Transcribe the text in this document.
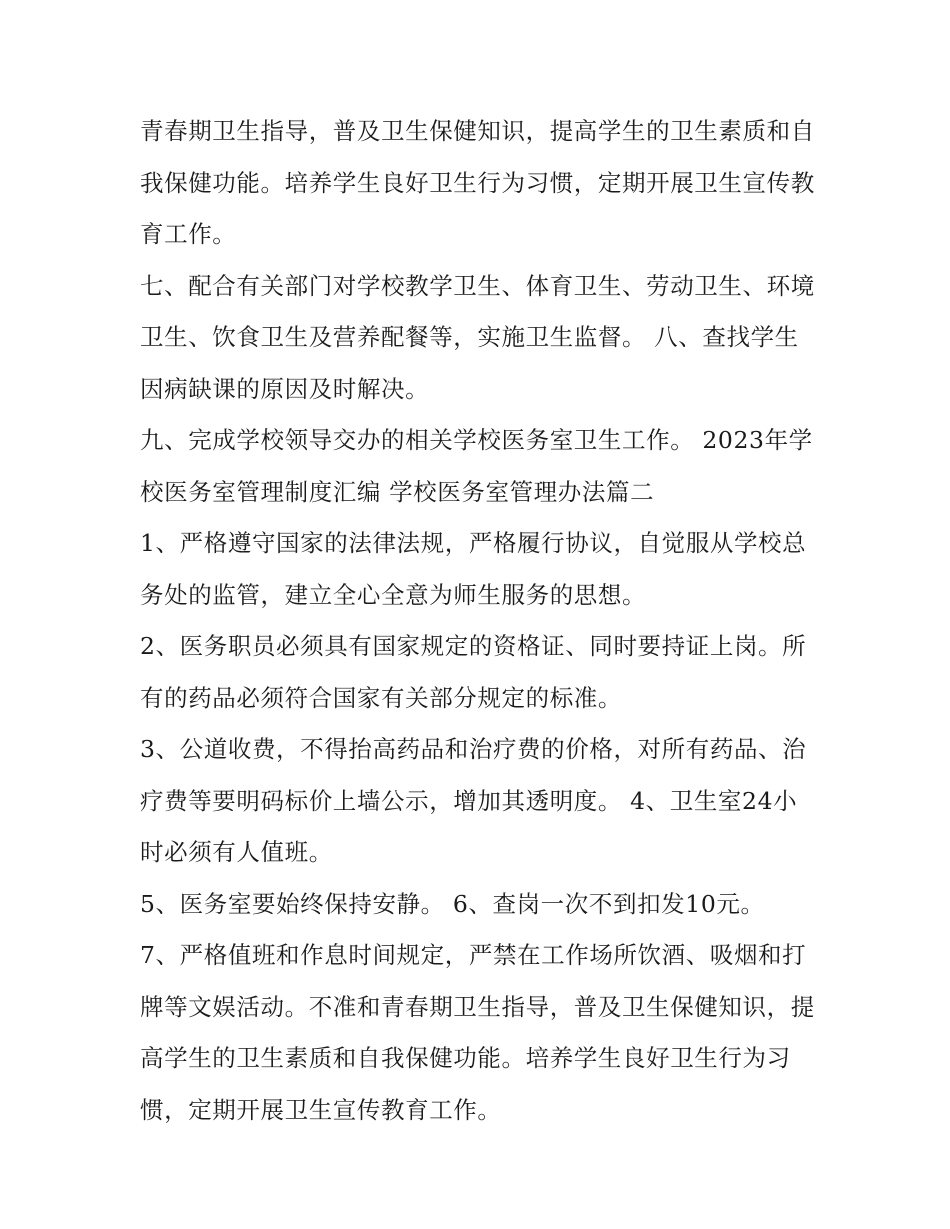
青春期卫生指导，普及卫生保健知识，提高学生的卫生素质和自我保健功能。培养学生良好卫生行为习惯，定期开展卫生宣传教育工作。

七、配合有关部门对学校教学卫生、体育卫生、劳动卫生、环境卫生、饮食卫生及营养配餐等，实施卫生监督。 八、查找学生因病缺课的原因及时解决。

九、完成学校领导交办的相关学校医务室卫生工作。 2023年学校医务室管理制度汇编 学校医务室管理办法篇二

1、严格遵守国家的法律法规，严格履行协议，自觉服从学校总务处的监管，建立全心全意为师生服务的思想。

2、医务职员必须具有国家规定的资格证、同时要持证上岗。所有的药品必须符合国家有关部分规定的标准。

3、公道收费，不得抬高药品和治疗费的价格，对所有药品、治疗费等要明码标价上墙公示，增加其透明度。 4、卫生室24小时必须有人值班。

5、医务室要始终保持安静。 6、查岗一次不到扣发10元。

7、严格值班和作息时间规定，严禁在工作场所饮酒、吸烟和打牌等文娱活动。不准和青春期卫生指导，普及卫生保健知识，提高学生的卫生素质和自我保健功能。培养学生良好卫生行为习惯，定期开展卫生宣传教育工作。
